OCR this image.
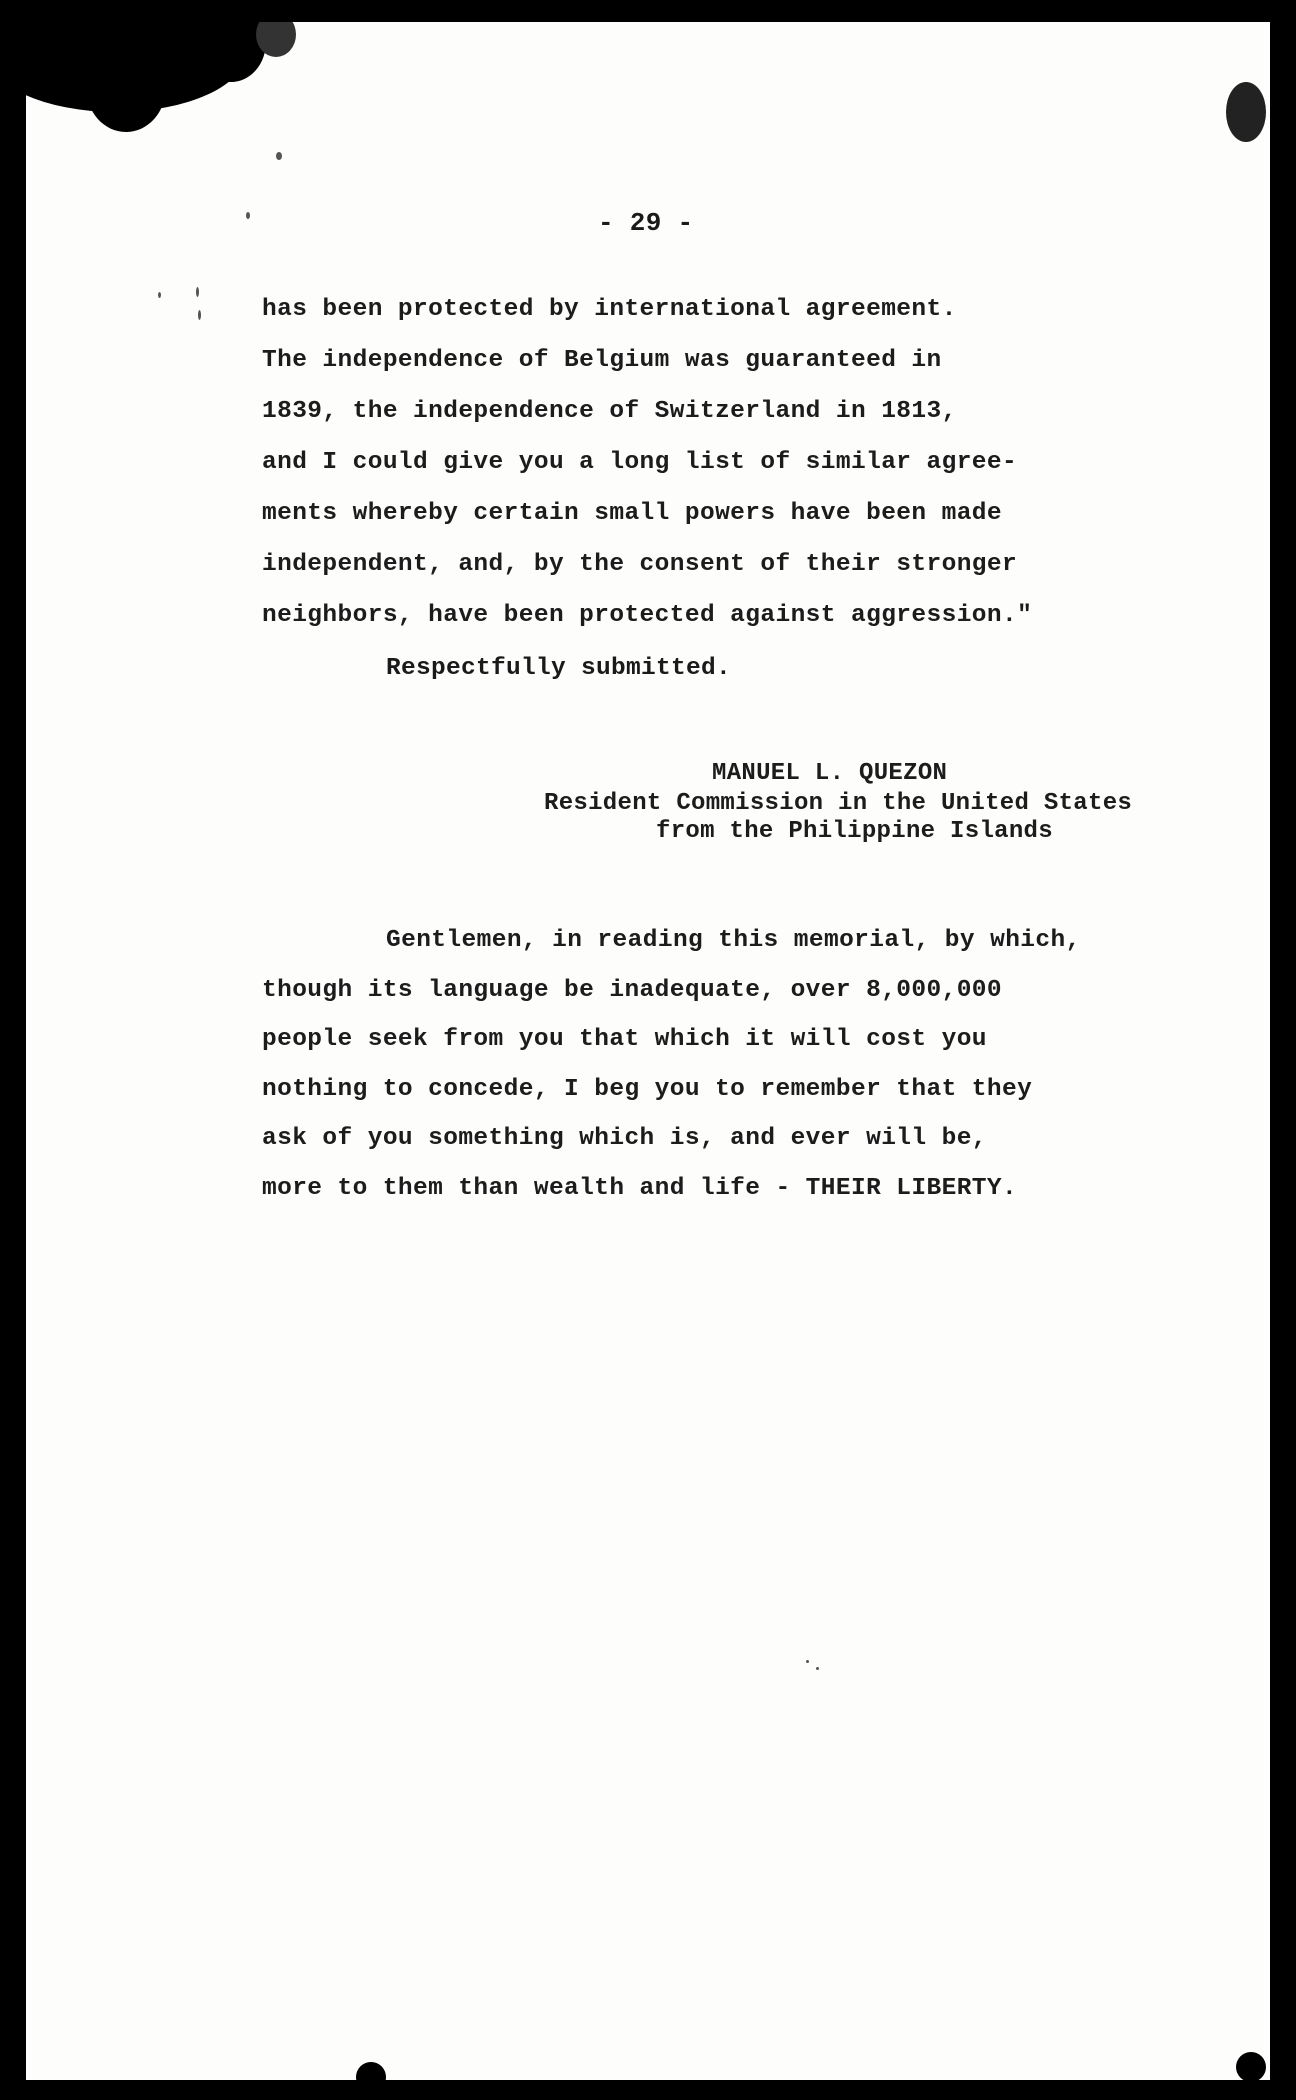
- 29 -
has been protected by international agreement.
The independence of Belgium was guaranteed in
1839, the independence of Switzerland in 1813,
and I could give you a long list of similar agree-
ments whereby certain small powers have been made
independent, and, by the consent of their stronger
neighbors, have been protected against aggression."
Respectfully submitted.
MANUEL L. QUEZON
Resident Commission in the United States
from the Philippine Islands
Gentlemen, in reading this memorial, by which,
though its language be inadequate, over 8,000,000
people seek from you that which it will cost you
nothing to concede, I beg you to remember that they
ask of you something which is, and ever will be,
more to them than wealth and life - THEIR LIBERTY.
